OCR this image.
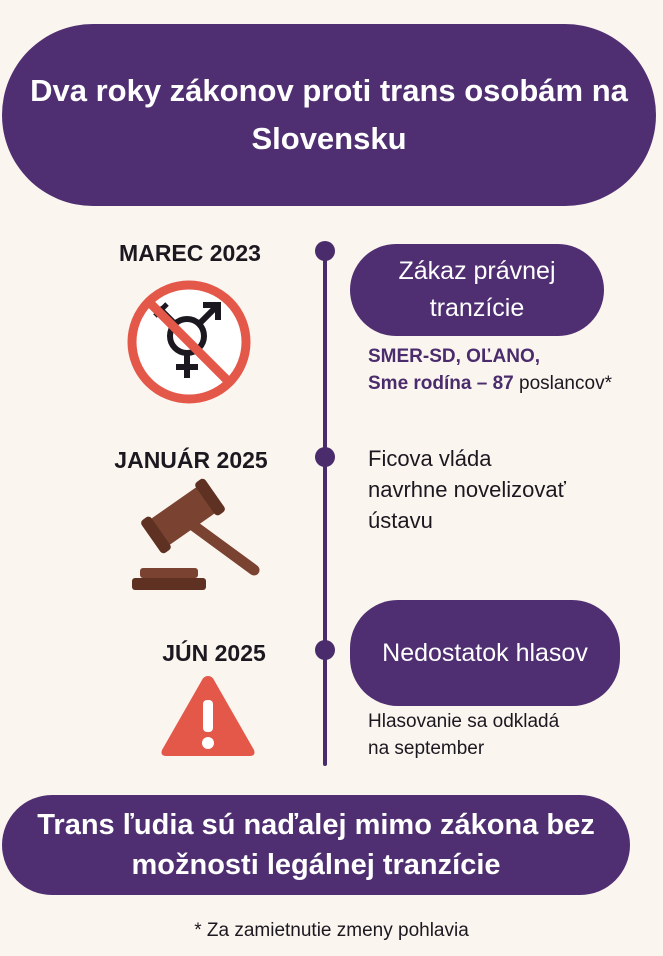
Dva roky zákonov proti trans osobám na Slovensku
MAREC 2023
Zákaz právnej tranzície
SMER-SD, OĽANO,
Sme rodína – 87 poslancov*
JANUÁR 2025	Ficova vláda
navrhne novelizovať
ústavu
JÚN 2025	Nedostatok hlasov
Hlasovanie sa odkladá
na september
Trans ľudia sú naďalej mimo zákona bez možnosti legálnej tranzície
* Za zamietnutie zmeny pohlavia
